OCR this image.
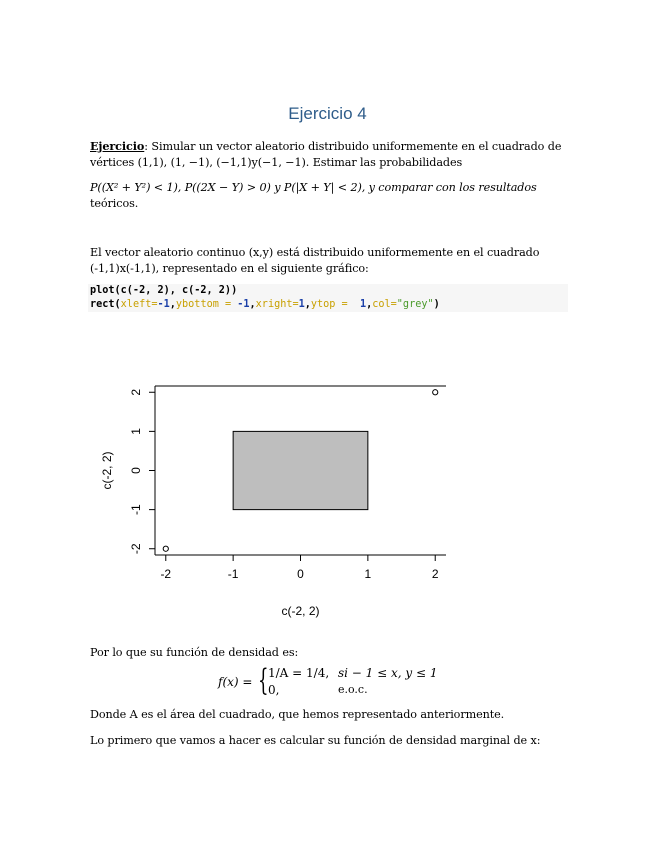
Ejercicio 4
Ejercicio: Simular un vector aleatorio distribuido uniformemente en el cuadrado de
vértices (1,1), (1, −1), (−1,1)y(−1, −1). Estimar las probabilidades
P((X² + Y²) < 1), P((2X − Y) > 0) y P(|X + Y| < 2), y comparar con los resultados
teóricos.
El vector aleatorio continuo (x,y) está distribuido uniformemente en el cuadrado
(-1,1)x(-1,1), representado en el siguiente gráfico:
plot(c(-2, 2), c(-2, 2))
rect(xleft=-1,ybottom = -1,xright=1,ytop =  1,col="grey")
-2	-1	0	1	2
-2
-1
0
1
2
c(-2, 2)
c(-2, 2)
Por lo que su función de densidad es:
f(x) = { 1/A = 1/4, si − 1 ≤ x, y ≤ 1
0,	e.o.c.
Donde A es el área del cuadrado, que hemos representado anteriormente.
Lo primero que vamos a hacer es calcular su función de densidad marginal de x:
